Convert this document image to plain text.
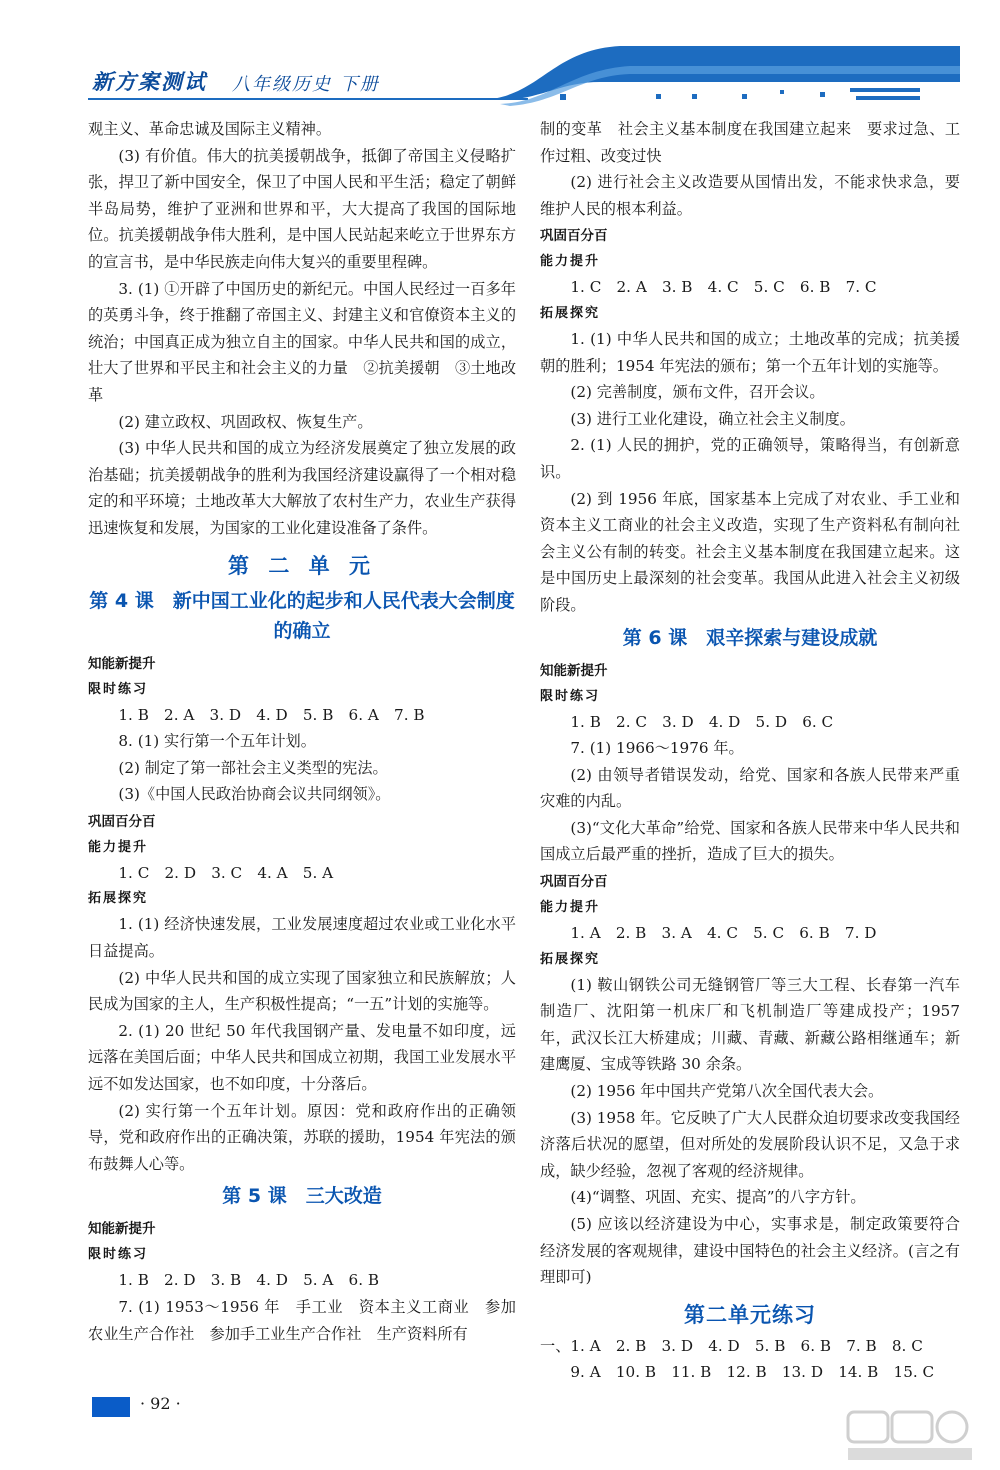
新方案测试 八年级历史 下册

观主义、革命忠诚及国际主义精神。

(3) 有价值。伟大的抗美援朝战争，抵御了帝国主义侵略扩张，捍卫了新中国安全，保卫了中国人民和平生活；稳定了朝鲜半岛局势，维护了亚洲和世界和平，大大提高了我国的国际地位。抗美援朝战争伟大胜利，是中国人民站起来屹立于世界东方的宣言书，是中华民族走向伟大复兴的重要里程碑。

3. (1) ①开辟了中国历史的新纪元。中国人民经过一百多年的英勇斗争，终于推翻了帝国主义、封建主义和官僚资本主义的统治；中国真正成为独立自主的国家。中华人民共和国的成立，壮大了世界和平民主和社会主义的力量　②抗美援朝　③土地改革

(2) 建立政权、巩固政权、恢复生产。

(3) 中华人民共和国的成立为经济发展奠定了独立发展的政治基础；抗美援朝战争的胜利为我国经济建设赢得了一个相对稳定的和平环境；土地改革大大解放了农村生产力，农业生产获得迅速恢复和发展，为国家的工业化建设准备了条件。

第 二 单 元
第 4 课　新中国工业化的起步和人民代表大会制度的确立
知能新提升
限时练习

1. B　2. A　3. D　4. D　5. B　6. A　7. B

8. (1) 实行第一个五年计划。

(2) 制定了第一部社会主义类型的宪法。

(3)《中国人民政治协商会议共同纲领》。

巩固百分百
能力提升

1. C　2. D　3. C　4. A　5. A

拓展探究

1. (1) 经济快速发展，工业发展速度超过农业或工业化水平日益提高。

(2) 中华人民共和国的成立实现了国家独立和民族解放；人民成为国家的主人，生产积极性提高；“一五”计划的实施等。

2. (1) 20 世纪 50 年代我国钢产量、发电量不如印度，远远落在美国后面；中华人民共和国成立初期，我国工业发展水平远不如发达国家，也不如印度，十分落后。

(2) 实行第一个五年计划。原因：党和政府作出的正确领导，党和政府作出的正确决策，苏联的援助，1954 年宪法的颁布鼓舞人心等。

第 5 课　三大改造
知能新提升
限时练习

1. B　2. D　3. B　4. D　5. A　6. B

7. (1) 1953～1956 年　手工业　资本主义工商业　参加农业生产合作社　参加手工业生产合作社　生产资料所有

制的变革　社会主义基本制度在我国建立起来　要求过急、工作过粗、改变过快

(2) 进行社会主义改造要从国情出发，不能求快求急，要维护人民的根本利益。

巩固百分百
能力提升

1. C　2. A　3. B　4. C　5. C　6. B　7. C

拓展探究

1. (1) 中华人民共和国的成立；土地改革的完成；抗美援朝的胜利；1954 年宪法的颁布；第一个五年计划的实施等。

(2) 完善制度，颁布文件，召开会议。

(3) 进行工业化建设，确立社会主义制度。

2. (1) 人民的拥护，党的正确领导，策略得当，有创新意识。

(2) 到 1956 年底，国家基本上完成了对农业、手工业和资本主义工商业的社会主义改造，实现了生产资料私有制向社会主义公有制的转变。社会主义基本制度在我国建立起来。这是中国历史上最深刻的社会变革。我国从此进入社会主义初级阶段。

第 6 课　艰辛探索与建设成就
知能新提升
限时练习

1. B　2. C　3. D　4. D　5. D　6. C

7. (1) 1966～1976 年。

(2) 由领导者错误发动，给党、国家和各族人民带来严重灾难的内乱。

(3)“文化大革命”给党、国家和各族人民带来中华人民共和国成立后最严重的挫折，造成了巨大的损失。

巩固百分百
能力提升

1. A　2. B　3. A　4. C　5. C　6. B　7. D

拓展探究

(1) 鞍山钢铁公司无缝钢管厂等三大工程、长春第一汽车制造厂、沈阳第一机床厂和飞机制造厂等建成投产；1957 年，武汉长江大桥建成；川藏、青藏、新藏公路相继通车；新建鹰厦、宝成等铁路 30 余条。

(2) 1956 年中国共产党第八次全国代表大会。

(3) 1958 年。它反映了广大人民群众迫切要求改变我国经济落后状况的愿望，但对所处的发展阶段认识不足，又急于求成，缺少经验，忽视了客观的经济规律。

(4)“调整、巩固、充实、提高”的八字方针。

(5) 应该以经济建设为中心，实事求是，制定政策要符合经济发展的客观规律，建设中国特色的社会主义经济。(言之有理即可)

第二单元练习

一、1. A　2. B　3. D　4. D　5. B　6. B　7. B　8. C

9. A　10. B　11. B　12. B　13. D　14. B　15. C

· 92 ·
